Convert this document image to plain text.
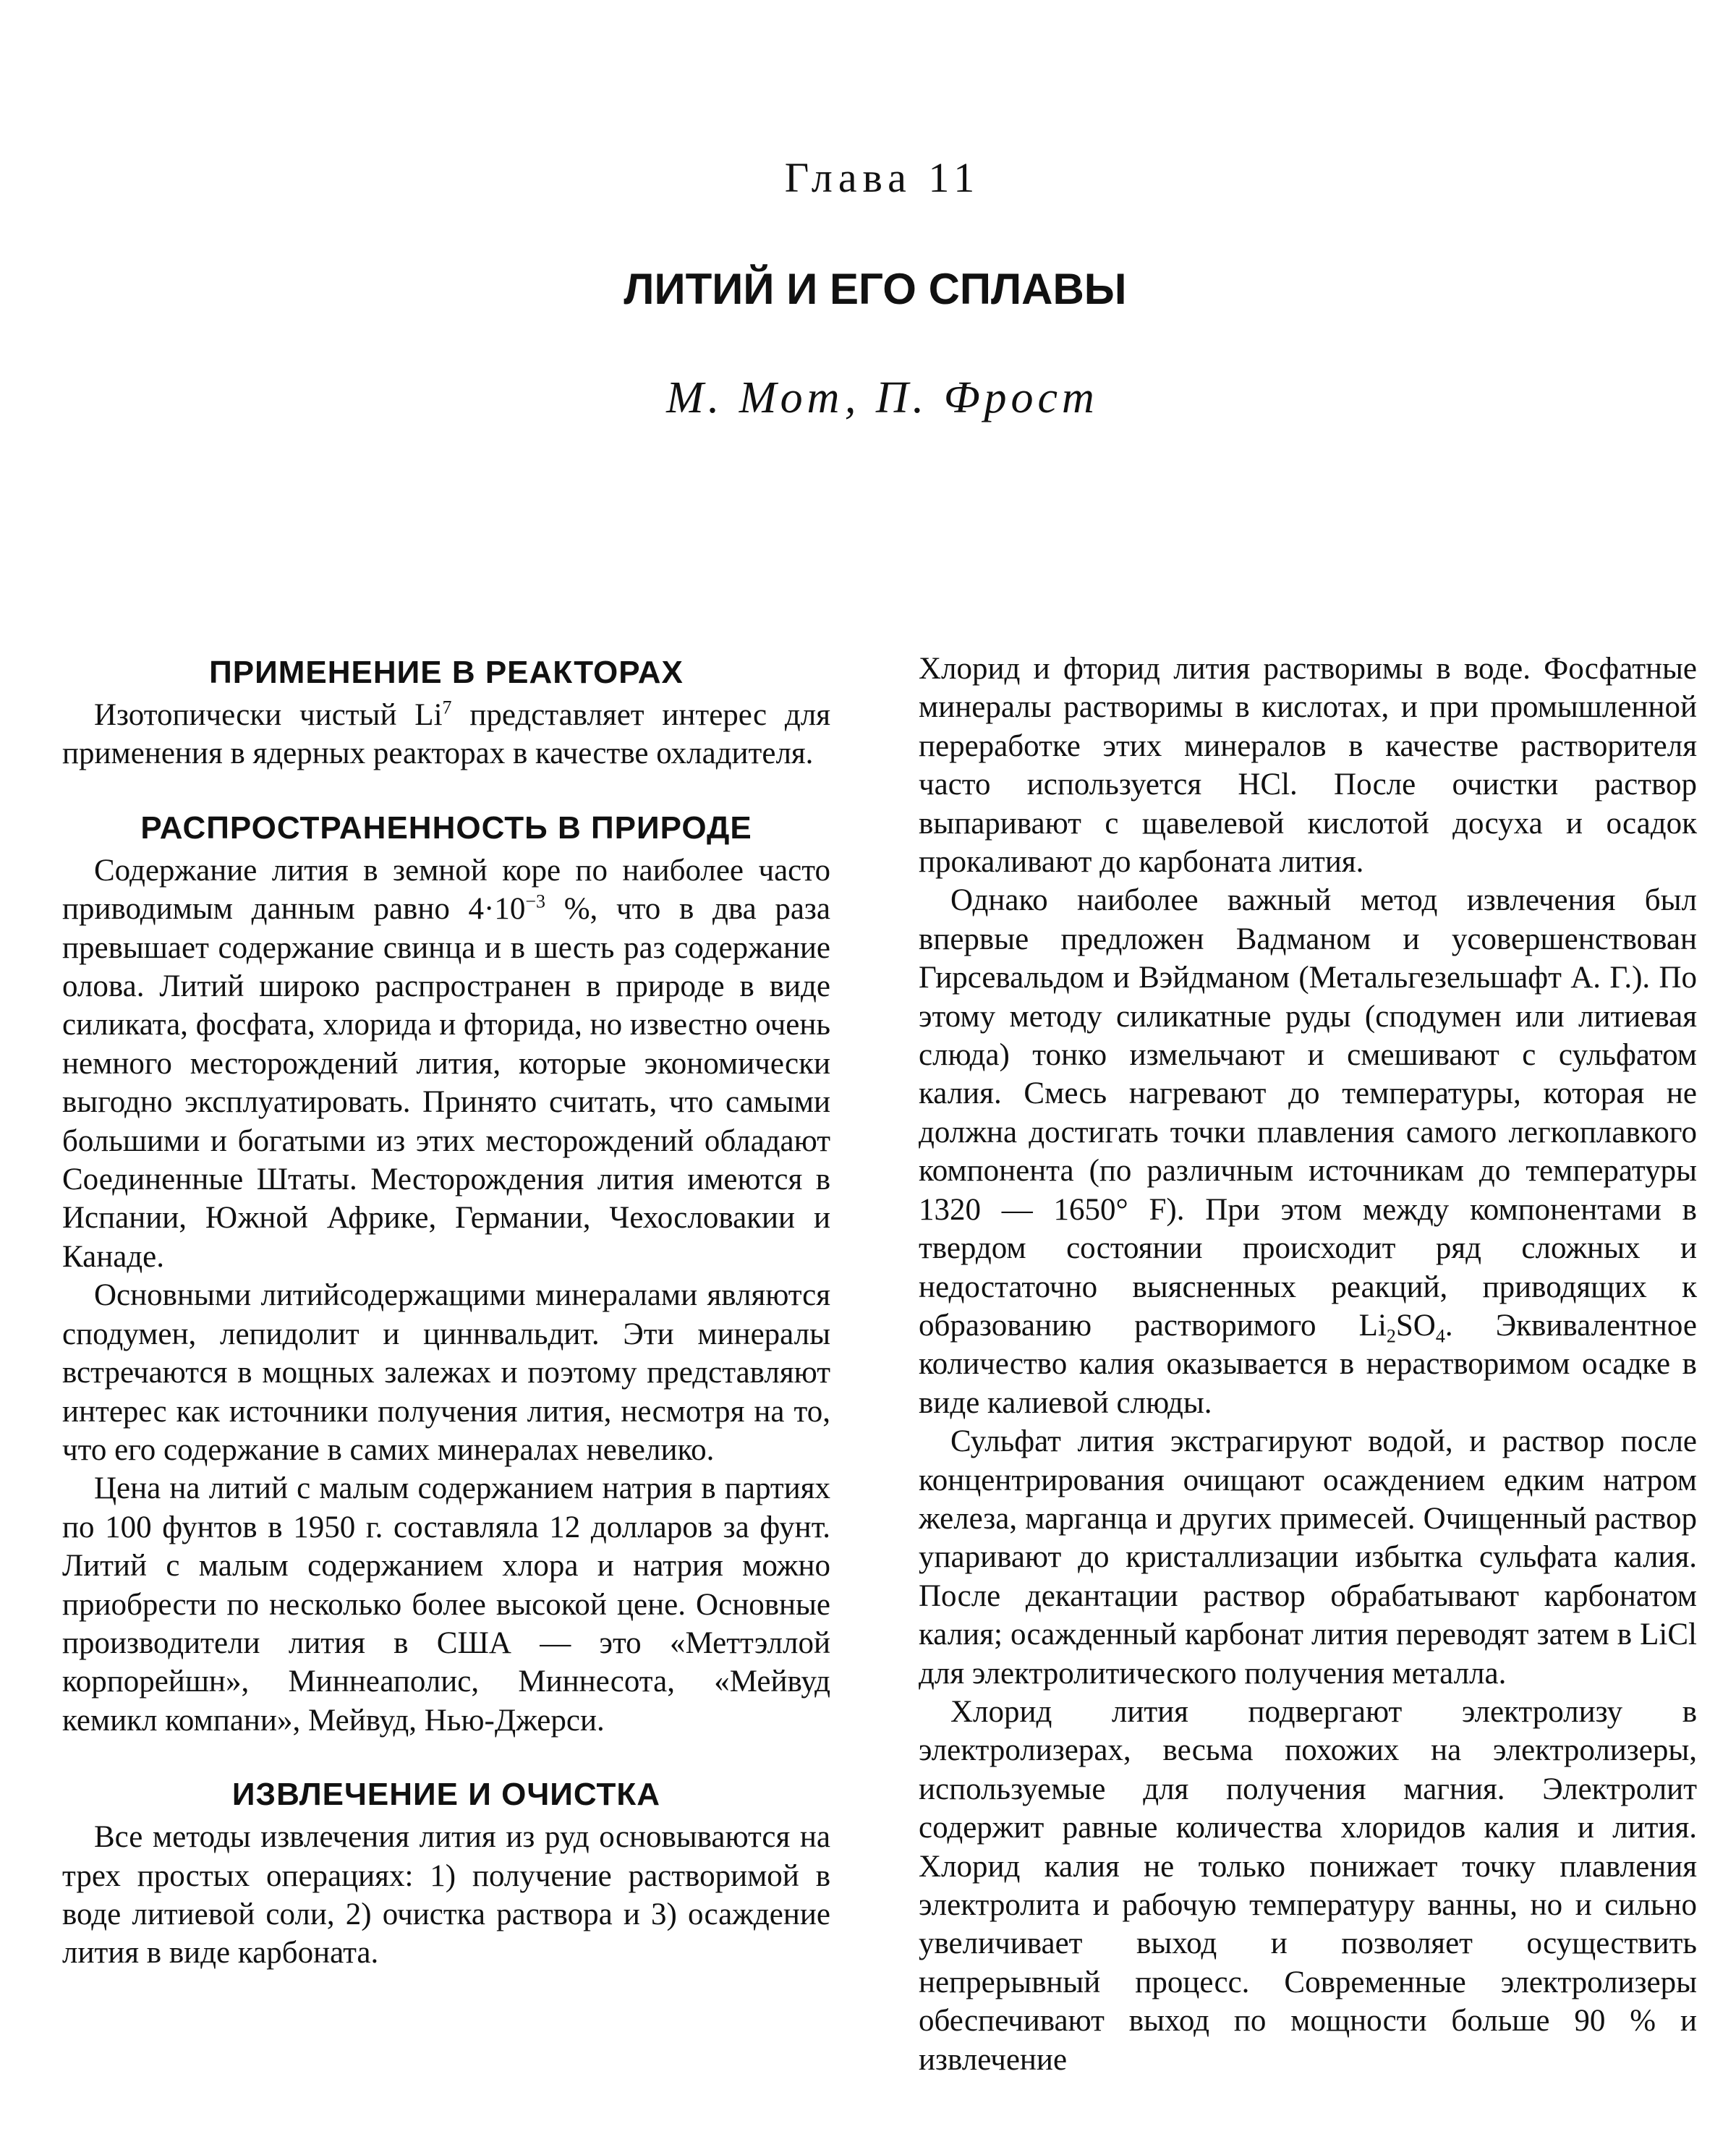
Глава 11
ЛИТИЙ И ЕГО СПЛАВЫ
М. Мот, П. Фрост
ПРИМЕНЕНИЕ В РЕАКТОРАХ

Изотопически чистый Li$^7$ представляет интерес для применения в ядерных реакторах в качестве охладителя.

РАСПРОСТРАНЕННОСТЬ В ПРИРОДЕ

Содержание лития в земной коре по наиболее часто приводимым данным равно $4\cdot 10^{-3}$ %, что в два раза превышает содержание свинца и в шесть раз содержание олова. Литий широко распространен в природе в виде силиката, фосфата, хлорида и фторида, но известно очень немного месторождений лития, которые экономически выгодно эксплуатировать. Принято считать, что самыми большими и богатыми из этих месторождений обладают Соединенные Штаты. Месторождения лития имеются в Испании, Южной Африке, Германии, Чехословакии и Канаде.

Основными литийсодержащими минералами являются сподумен, лепидолит и циннвальдит. Эти минералы встречаются в мощных залежах и поэтому представляют интерес как источники получения лития, несмотря на то, что его содержание в самих минералах невелико.

Цена на литий с малым содержанием натрия в партиях по 100 фунтов в 1950 г. составляла 12 долларов за фунт. Литий с малым содержанием хлора и натрия можно приобрести по несколько более высокой цене. Основные производители лития в США — это «Меттэллой корпорейшн», Миннеаполис, Миннесота, «Мейвуд кемикл компани», Мейвуд, Нью-Джерси.

ИЗВЛЕЧЕНИЕ И ОЧИСТКА

Все методы извлечения лития из руд основываются на трех простых операциях: 1) получение растворимой в воде литиевой соли, 2) очистка раствора и 3) осаждение лития в виде карбоната.

Хлорид и фторид лития растворимы в воде. Фосфатные минералы растворимы в кислотах, и при промышленной переработке этих минералов в качестве растворителя часто используется HCl. После очистки раствор выпаривают с щавелевой кислотой досуха и осадок прокаливают до карбоната лития.

Однако наиболее важный метод извлечения был впервые предложен Вадманом и усовершенствован Гирсевальдом и Вэйдманом (Метальгезельшафт А. Г.). По этому методу силикатные руды (сподумен или литиевая слюда) тонко измельчают и смешивают с сульфатом калия. Смесь нагревают до температуры, которая не должна достигать точки плавления самого легкоплавкого компонента (по различным источникам до температуры 1320 — 1650° F). При этом между компонентами в твердом состоянии происходит ряд сложных и недостаточно выясненных реакций, приводящих к образованию растворимого $Li_2SO_4$. Эквивалентное количество калия оказывается в нерастворимом осадке в виде калиевой слюды.

Сульфат лития экстрагируют водой, и раствор после концентрирования очищают осаждением едким натром железа, марганца и других примесей. Очищенный раствор упаривают до кристаллизации избытка сульфата калия. После декантации раствор обрабатывают карбонатом калия; осажденный карбонат лития переводят затем в LiCl для электролитического получения металла.

Хлорид лития подвергают электролизу в электролизерах, весьма похожих на электролизеры, используемые для получения магния. Электролит содержит равные количества хлоридов калия и лития. Хлорид калия не только понижает точку плавления электролита и рабочую температуру ванны, но и сильно увеличивает выход и позволяет осуществить непрерывный процесс. Современные электролизеры обеспечивают выход по мощности больше 90 % и извлечение
